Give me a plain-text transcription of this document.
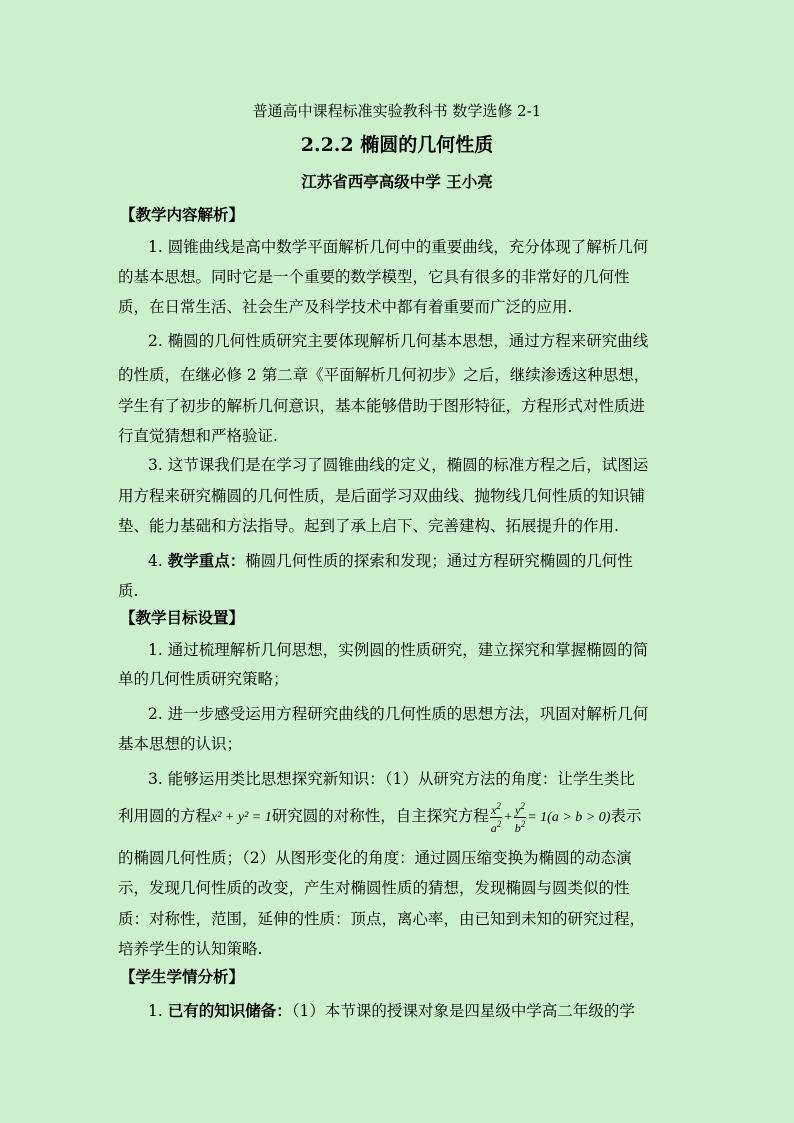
普通高中课程标准实验教科书 数学选修 2-1
2.2.2 椭圆的几何性质
江苏省西亭高级中学 王小亮
【教学内容解析】
1. 圆锥曲线是高中数学平面解析几何中的重要曲线，充分体现了解析几何
的基本思想。同时它是一个重要的数学模型，它具有很多的非常好的几何性
质，在日常生活、社会生产及科学技术中都有着重要而广泛的应用.
2. 椭圆的几何性质研究主要体现解析几何基本思想，通过方程来研究曲线
的性质，在继必修 2 第二章《平面解析几何初步》之后，继续渗透这种思想，
学生有了初步的解析几何意识，基本能够借助于图形特征，方程形式对性质进
行直觉猜想和严格验证.
3. 这节课我们是在学习了圆锥曲线的定义，椭圆的标准方程之后，试图运
用方程来研究椭圆的几何性质，是后面学习双曲线、抛物线几何性质的知识铺
垫、能力基础和方法指导。起到了承上启下、完善建构、拓展提升的作用.
4. 教学重点：椭圆几何性质的探索和发现；通过方程研究椭圆的几何性
质.
【教学目标设置】
1. 通过梳理解析几何思想，实例圆的性质研究，建立探究和掌握椭圆的简
单的几何性质研究策略；
2. 进一步感受运用方程研究曲线的几何性质的思想方法，巩固对解析几何
基本思想的认识；
3. 能够运用类比思想探究新知识：（1）从研究方法的角度：让学生类比
利用圆的方程x² + y² = 1研究圆的对称性，自主探究方程 $\frac{x^2}{a^2} + \frac{y^2}{b^2} = 1(a > b > 0)$表示
的椭圆几何性质；（2）从图形变化的角度：通过圆压缩变换为椭圆的动态演
示，发现几何性质的改变，产生对椭圆性质的猜想，发现椭圆与圆类似的性
质：对称性，范围，延伸的性质：顶点，离心率，由已知到未知的研究过程，
培养学生的认知策略.
【学生学情分析】
1. 已有的知识储备：（1）本节课的授课对象是四星级中学高二年级的学
